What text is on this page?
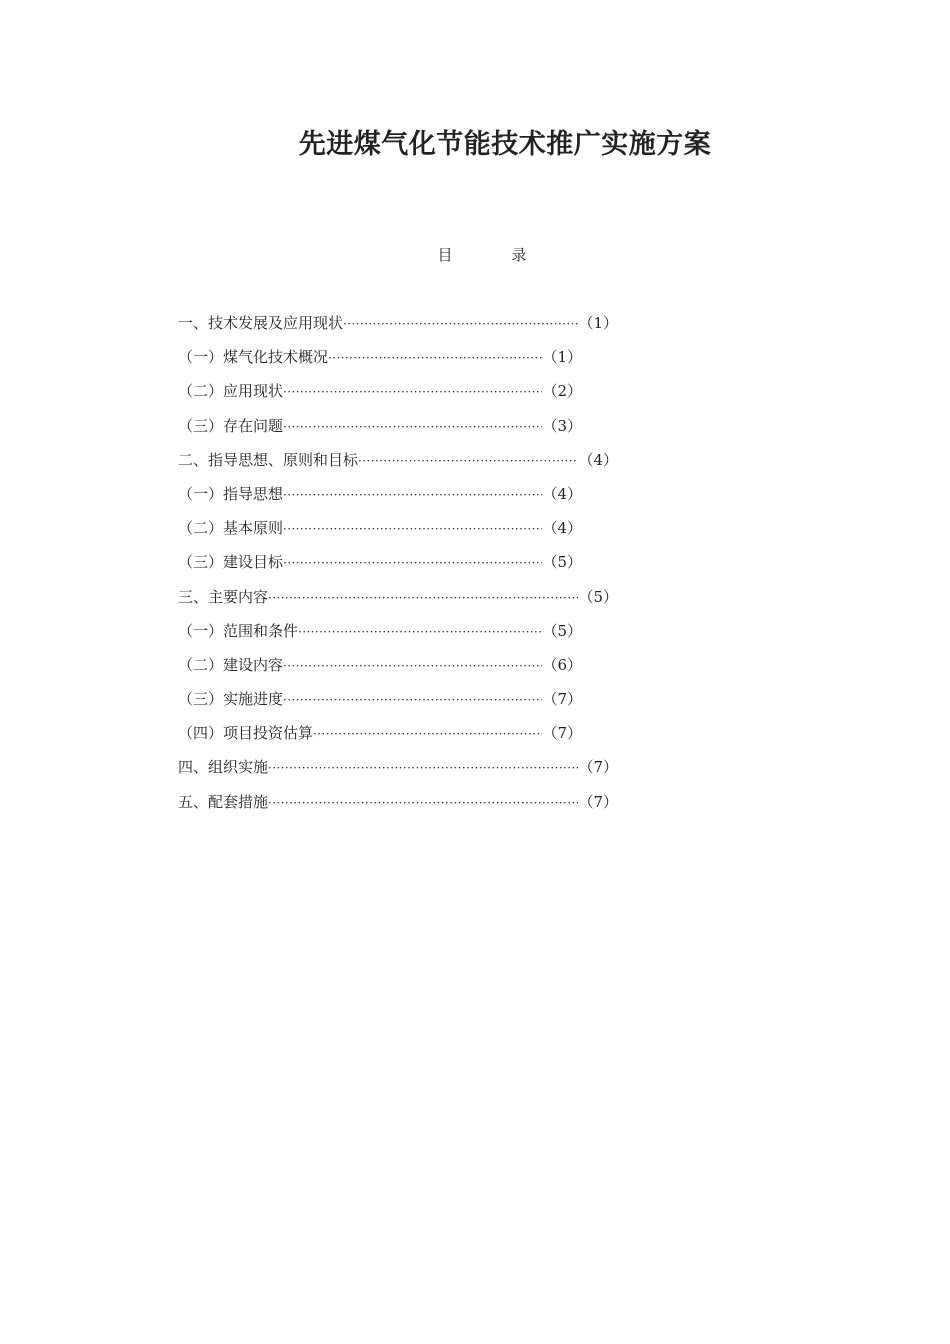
先进煤气化节能技术推广实施方案
目　录
一、技术发展及应用现状 ·····	（1）
（一）煤气化技术概况 ·····	（1）
（二）应用现状 ·····	（2）
（三）存在问题 ·····	（3）
二、指导思想、原则和目标 ·····	（4）
（一）指导思想 ·····	（4）
（二）基本原则 ·····	（4）
（三）建设目标 ·····	（5）
三、主要内容 ·····	（5）
（一）范围和条件 ·····	（5）
（二）建设内容 ·····	（6）
（三）实施进度 ·····	（7）
（四）项目投资估算 ·····	（7）
四、组织实施 ·····	（7）
五、配套措施 ·····	（7）
